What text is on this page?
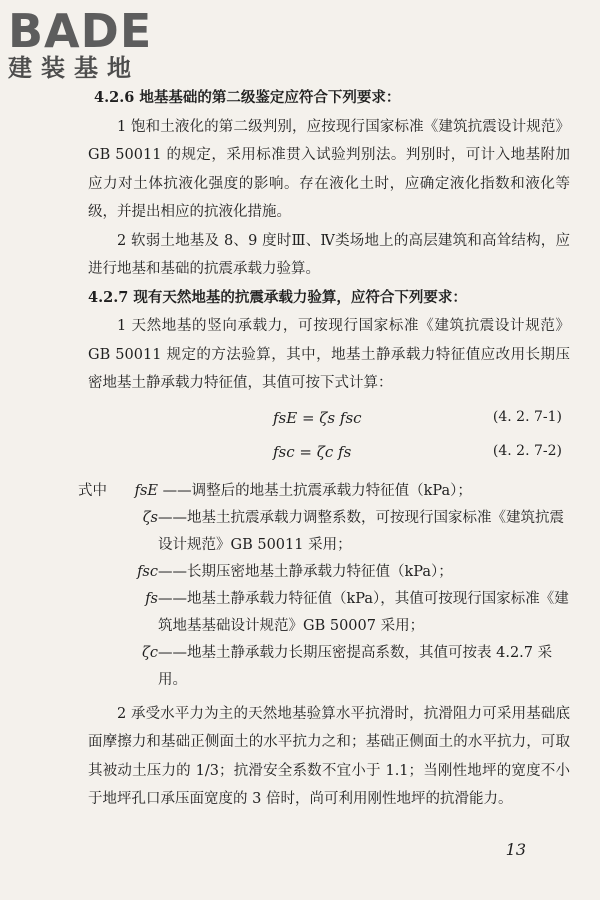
BADE
建装基地

4.2.6 地基基础的第二级鉴定应符合下列要求：

1 饱和土液化的第二级判别，应按现行国家标准《建筑抗震设计规范》GB 50011 的规定，采用标准贯入试验判别法。判别时，可计入地基附加应力对土体抗液化强度的影响。存在液化土时，应确定液化指数和液化等级，并提出相应的抗液化措施。

2 软弱土地基及 8、9 度时Ⅲ、Ⅳ类场地上的高层建筑和高耸结构，应进行地基和基础的抗震承载力验算。

4.2.7 现有天然地基的抗震承载力验算，应符合下列要求：

1 天然地基的竖向承载力，可按现行国家标准《建筑抗震设计规范》GB 50011 规定的方法验算，其中，地基土静承载力特征值应改用长期压密地基土静承载力特征值，其值可按下式计算：

fsE = ζs fsc	(4. 2. 7-1)
fsc = ζc fs	(4. 2. 7-2)
式中	fsE ——调整后的地基土抗震承载力特征值（kPa）；
ζs ——地基土抗震承载力调整系数，可按现行国家标准《建筑抗震设计规范》GB 50011 采用；
fsc ——长期压密地基土静承载力特征值（kPa）；
fs ——地基土静承载力特征值（kPa），其值可按现行国家标准《建筑地基基础设计规范》GB 50007 采用；
ζc ——地基土静承载力长期压密提高系数，其值可按表 4.2.7 采用。

2 承受水平力为主的天然地基验算水平抗滑时，抗滑阻力可采用基础底面摩擦力和基础正侧面土的水平抗力之和；基础正侧面土的水平抗力，可取其被动土压力的 1/3；抗滑安全系数不宜小于 1.1；当刚性地坪的宽度不小于地坪孔口承压面宽度的 3 倍时，尚可利用刚性地坪的抗滑能力。

13
